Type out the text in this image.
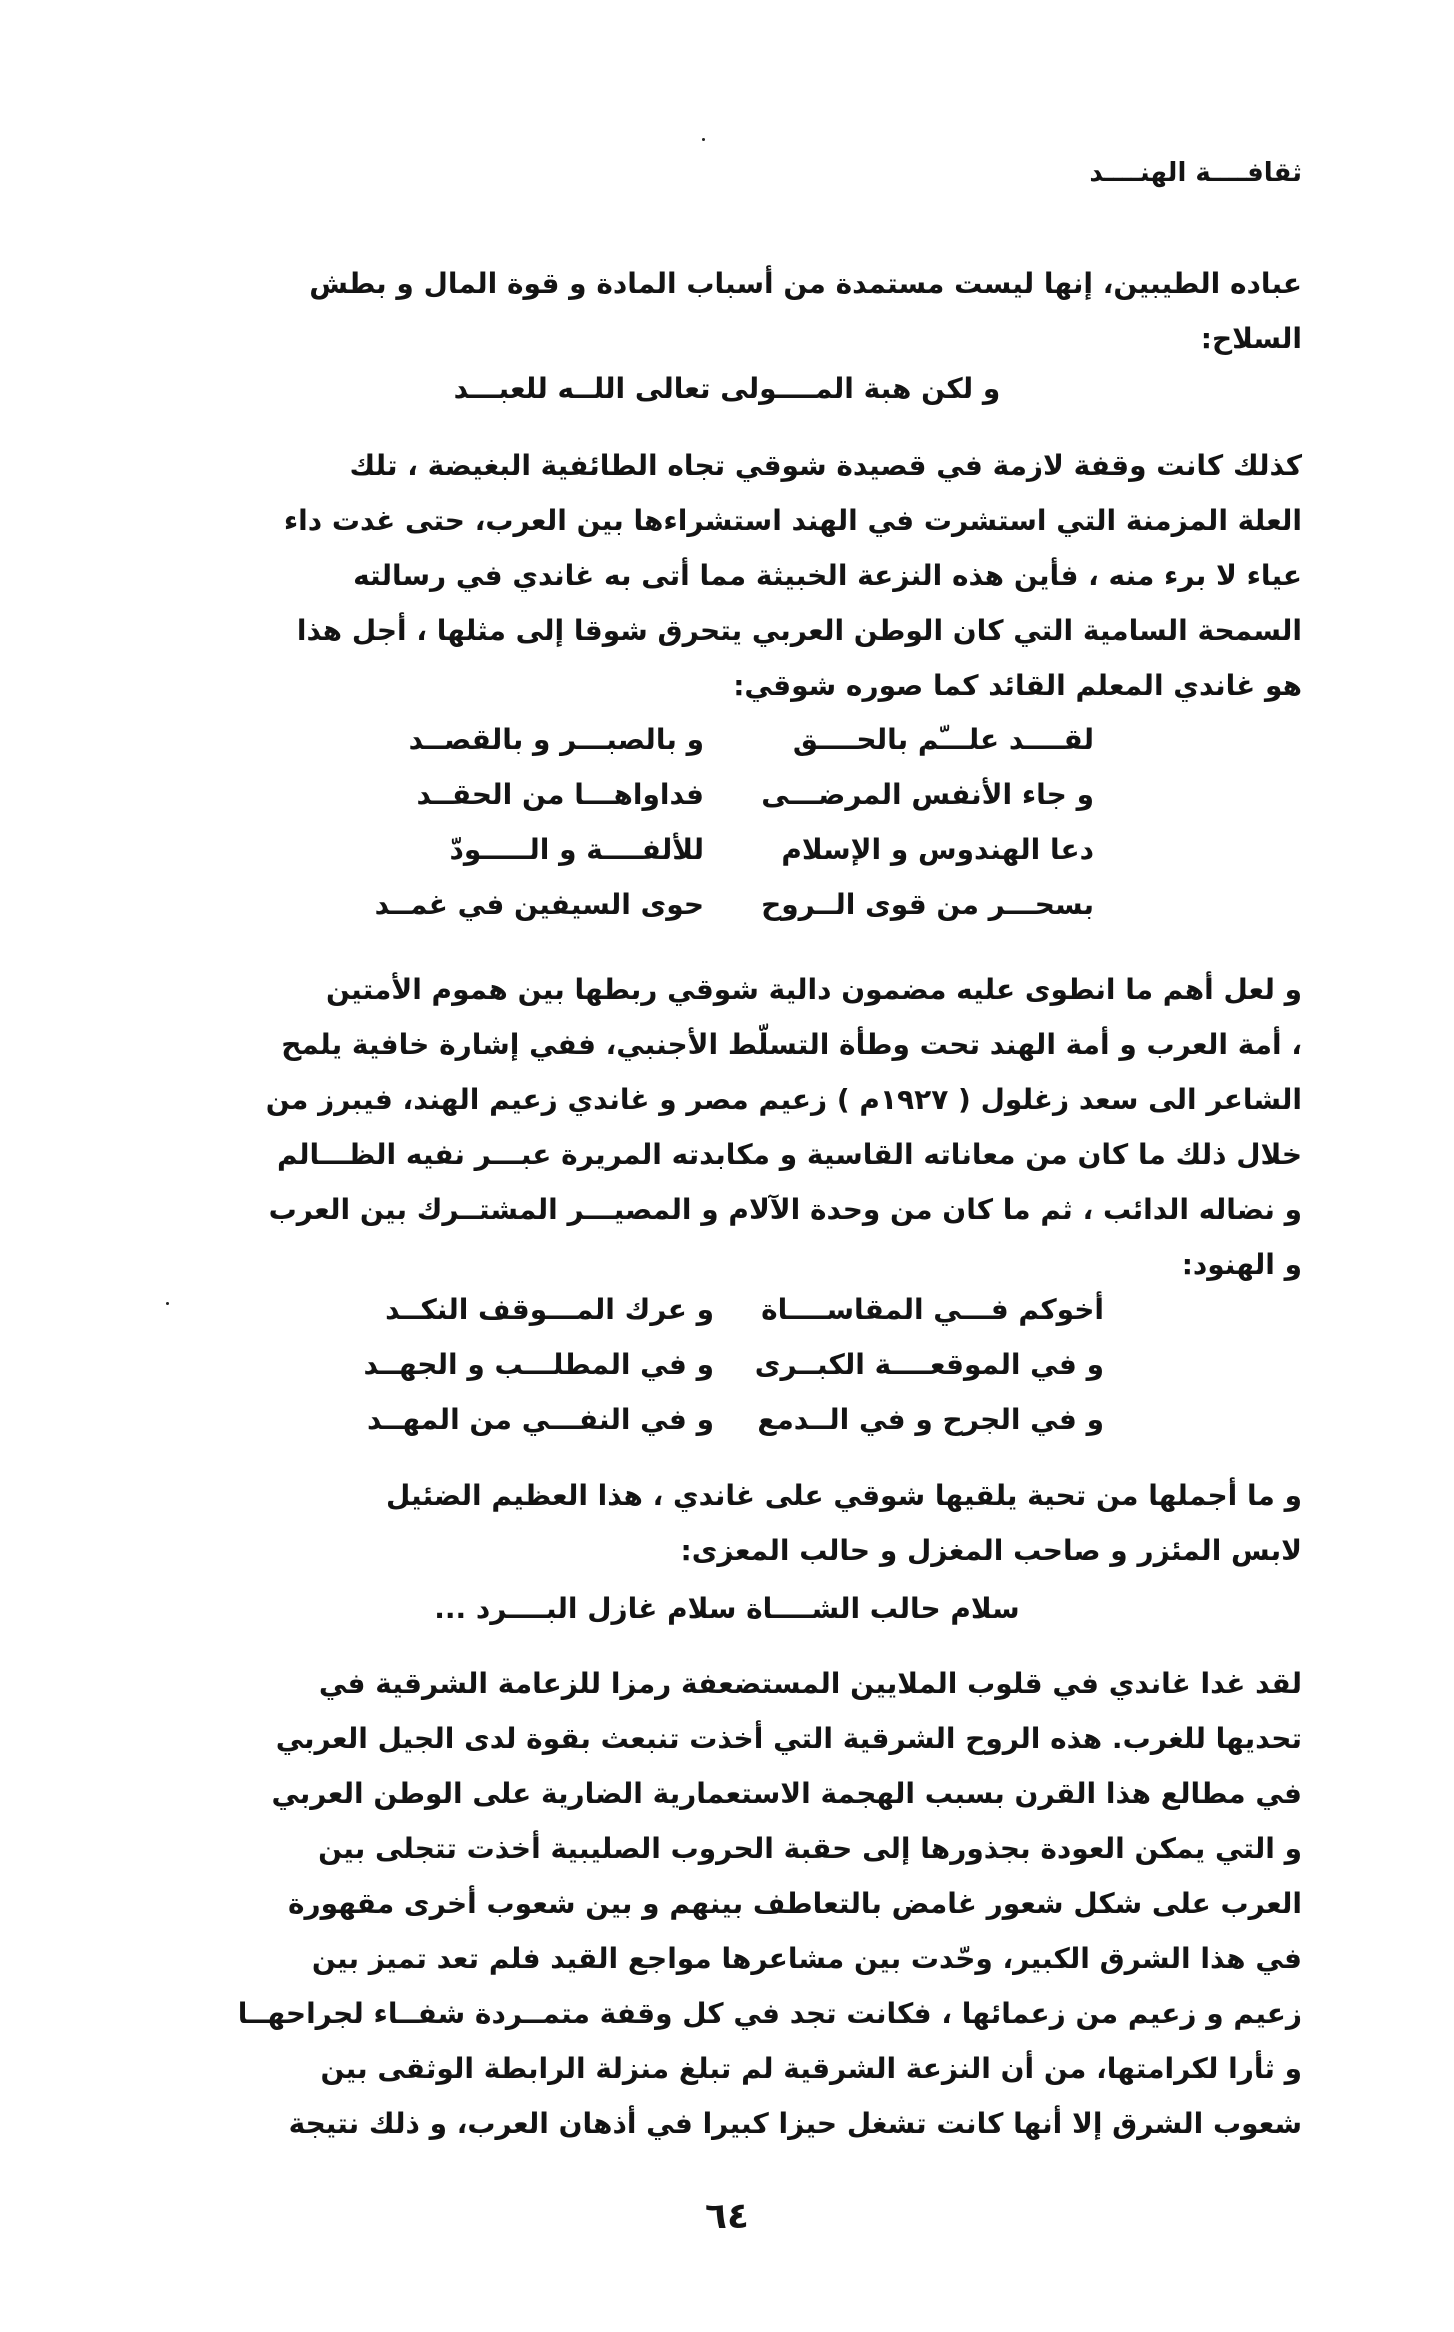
ثقافــــة الهنــــد
عباده الطيبين، إنها ليست مستمدة من أسباب المادة و قوة المال و بطش
السلاح:
و لكن هبة المــــولى تعالى اللــه للعبـــد
كذلك كانت وقفة لازمة في قصيدة شوقي تجاه الطائفية البغيضة ، تلك
العلة المزمنة التي استشرت في الهند استشراءها بين العرب، حتى غدت داء
عياء لا برء منه ، فأين هذه النزعة الخبيثة مما أتى به غاندي في رسالته
السمحة السامية التي كان الوطن العربي يتحرق شوقا إلى مثلها ، أجل هذا
هو غاندي المعلم القائد كما صوره شوقي:
لقــــد علـــّم بالحــــق
و بالصبـــر و بالقصــد
و جاء الأنفس المرضـــى
فداواهـــا من الحقــد
دعا الهندوس و الإسلام
للألفــــة و الـــــودّ
بسحـــر من قوى الــروح
حوى السيفين في غمــد
و لعل أهم ما انطوى عليه مضمون دالية شوقي ربطها بين هموم الأمتين
، أمة العرب و أمة الهند تحت وطأة التسلّط الأجنبي، ففي إشارة خافية يلمح
الشاعر الى سعد زغلول ( ١٩٢٧م ) زعيم مصر و غاندي زعيم الهند، فيبرز من
خلال ذلك ما كان من معاناته القاسية و مكابدته المريرة عبـــر نفيه الظـــالم
و نضاله الدائب ، ثم ما كان من وحدة الآلام و المصيـــر المشتــرك بين العرب
و الهنود:
أخوكم فـــي المقاســــاة
و عرك المـــوقف النكــد
و في الموقعــــة الكبــرى
و في المطلـــب و الجهــد
و في الجرح و في الــدمع
و في النفـــي من المهــد
و ما أجملها من تحية يلقيها شوقي على غاندي ، هذا العظيم الضئيل
لابس المئزر و صاحب المغزل و حالب المعزى:
سلام حالب الشــــاة سلام غازل البــــرد ...
لقد غدا غاندي في قلوب الملايين المستضعفة رمزا للزعامة الشرقية في
تحديها للغرب. هذه الروح الشرقية التي أخذت تنبعث بقوة لدى الجيل العربي
في مطالع هذا القرن بسبب الهجمة الاستعمارية الضارية على الوطن العربي
و التي يمكن العودة بجذورها إلى حقبة الحروب الصليبية أخذت تتجلى بين
العرب على شكل شعور غامض بالتعاطف بينهم و بين شعوب أخرى مقهورة
في هذا الشرق الكبير، وحّدت بين مشاعرها مواجع القيد فلم تعد تميز بين
زعيم و زعيم من زعمائها ، فكانت تجد في كل وقفة متمــردة شفــاء لجراحهــا
و ثأرا لكرامتها، من أن النزعة الشرقية لم تبلغ منزلة الرابطة الوثقى بين
شعوب الشرق إلا أنها كانت تشغل حيزا كبيرا في أذهان العرب، و ذلك نتيجة
٦٤
